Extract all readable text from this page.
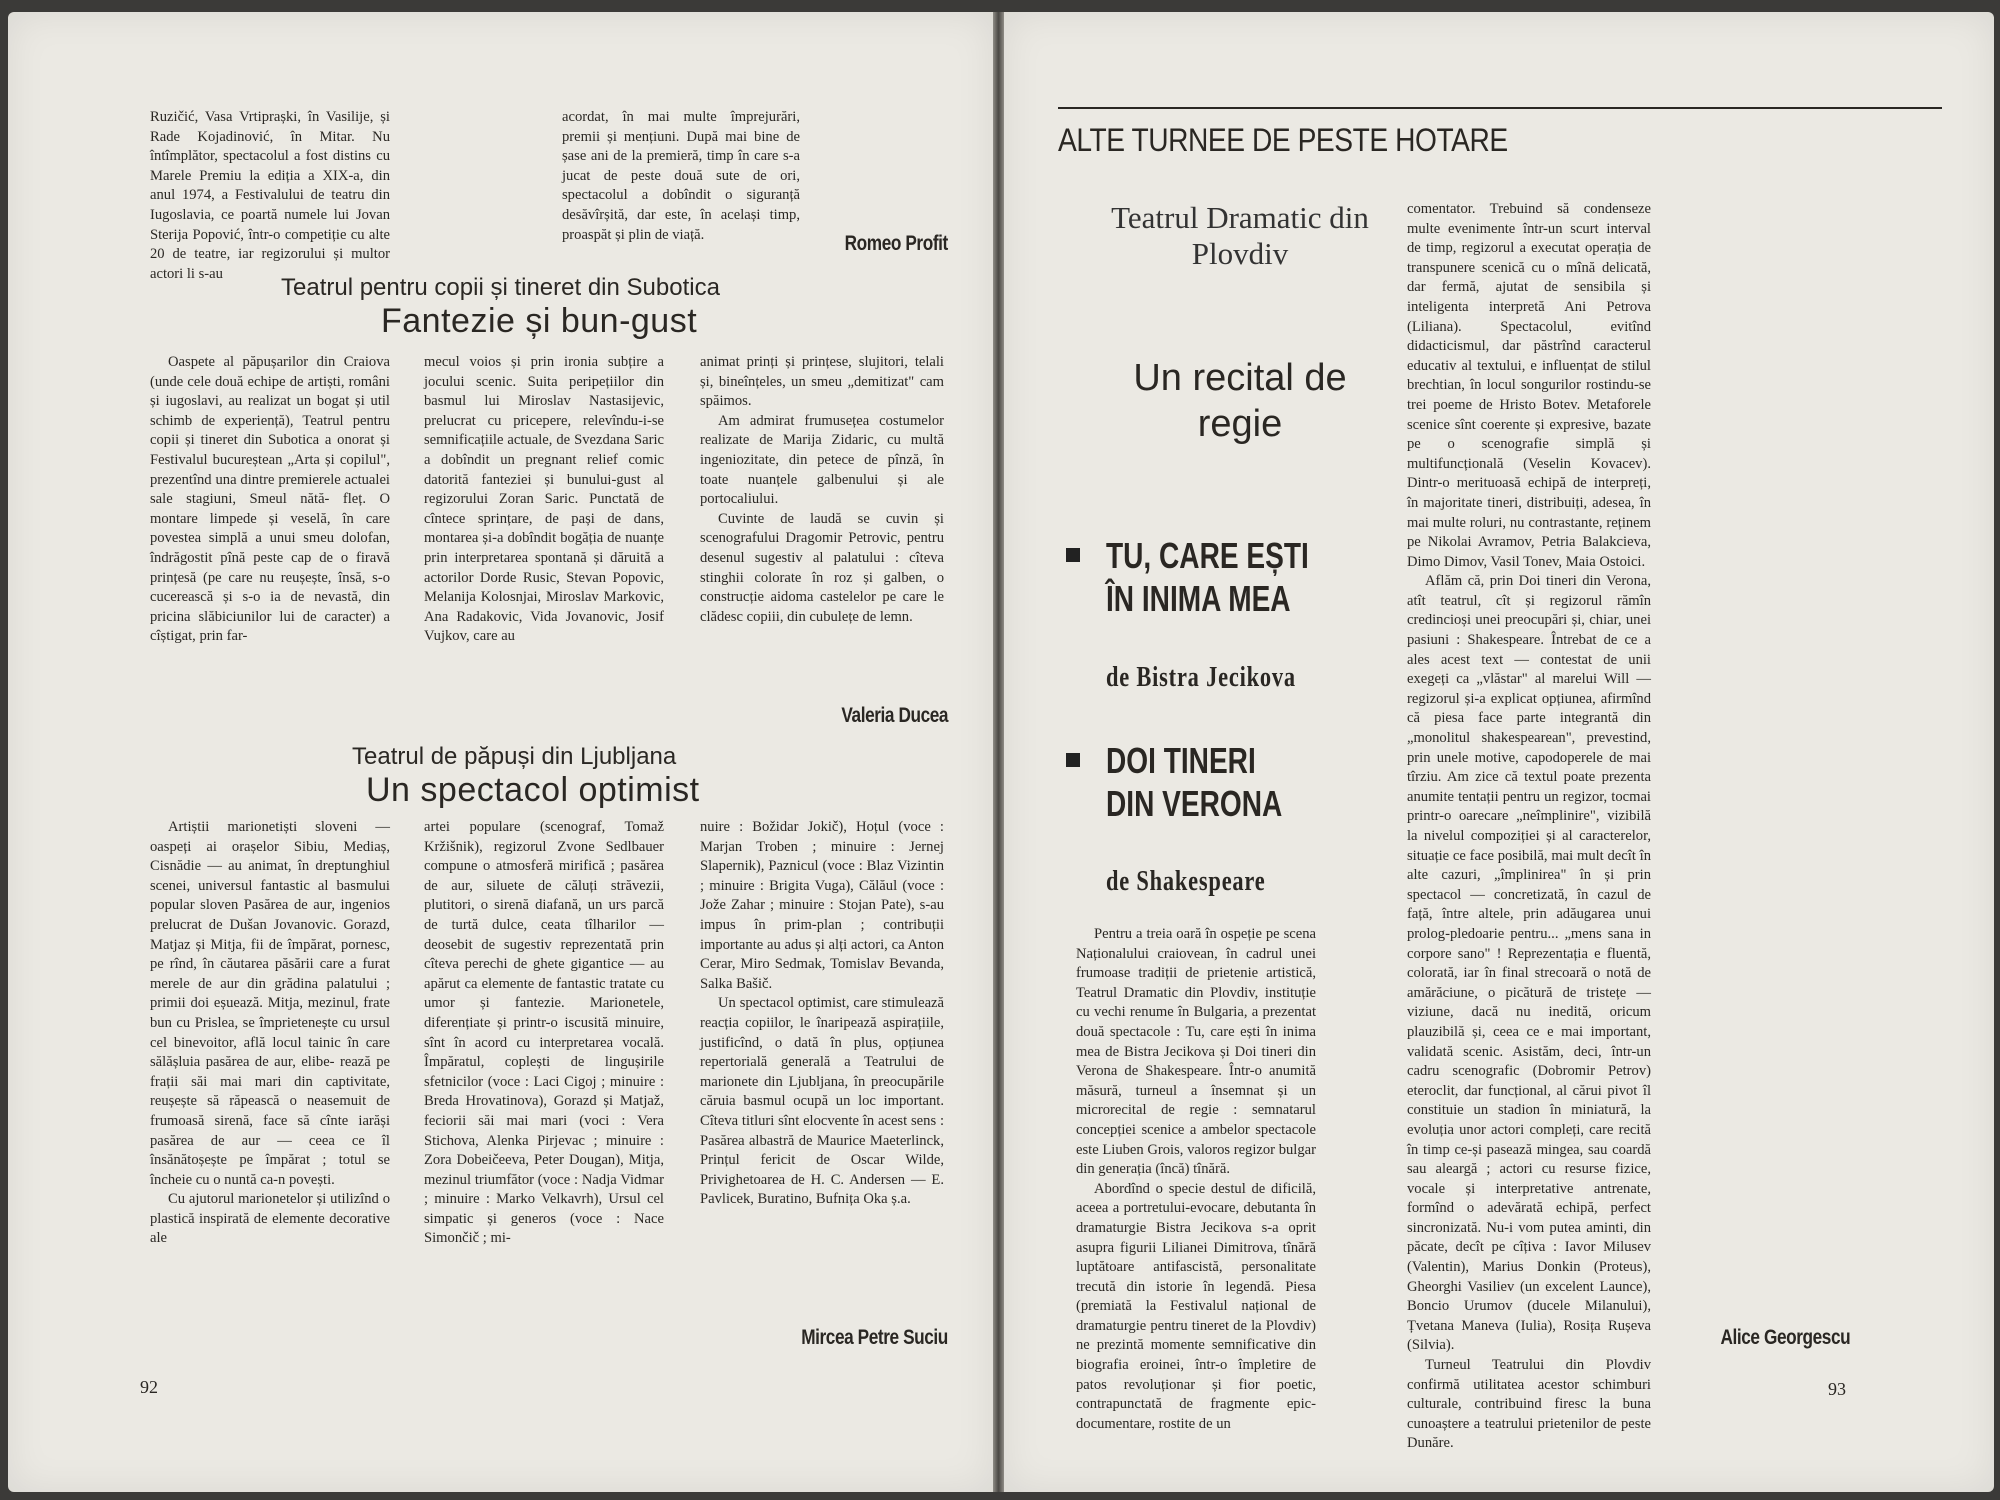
Ruzičić, Vasa Vrtiprașki, în Vasilije, și Rade Kojadinović, în Mitar. Nu întîmplător, spectacolul a fost distins cu Marele Premiu la ediția a XIX-a, din anul 1974, a Festivalului de teatru din Iugoslavia, ce poartă numele lui Jovan Sterija Popović, într-o competiție cu alte 20 de teatre, iar regizorului și multor actori li s-au

acordat, în mai multe împrejurări, premii și mențiuni. După mai bine de șase ani de la premieră, timp în care s-a jucat de peste două sute de ori, spectacolul a dobîndit o siguranță desăvîrșită, dar este, în același timp, proaspăt și plin de viață.	Romeo Profit
Teatrul pentru copii și tineret din Subotica
Fantezie și bun-gust

Oaspete al păpușarilor din Craiova (unde cele două echipe de artiști, români și iugoslavi, au realizat un bogat și util schimb de experiență), Teatrul pentru copii și tineret din Subotica a onorat și Festivalul bucureștean „Arta și copilul", prezentînd una dintre premierele actualei sale stagiuni, Smeul nătă- fleț. O montare limpede și veselă, în care povestea simplă a unui smeu dolofan, îndrăgostit pînă peste cap de o firavă prințesă (pe care nu reușește, însă, s-o cucerească și s-o ia de nevastă, din pricina slăbiciunilor lui de caracter) a cîștigat, prin far-

mecul voios și prin ironia subțire a jocului scenic. Suita peripețiilor din basmul lui Miroslav Nastasijevic, prelucrat cu pricepere, relevîndu-i-se semnificațiile actuale, de Svezdana Saric a dobîndit un pregnant relief comic datorită fanteziei și bunului-gust al regizorului Zoran Saric. Punctată de cîntece sprințare, de pași de dans, montarea și-a dobîndit bogăția de nuanțe prin interpretarea spontană și dăruită a actorilor Dorde Rusic, Stevan Popovic, Melanija Kolosnjai, Miroslav Markovic, Ana Radakovic, Vida Jovanovic, Josif Vujkov, care au

animat prinți și prințese, slujitori, telali și, bineînțeles, un smeu „demitizat" cam spăimos.

Am admirat frumusețea costumelor realizate de Marija Zidaric, cu multă ingeniozitate, din petece de pînză, în toate nuanțele galbenului și ale portocaliului.

Cuvinte de laudă se cuvin și scenografului Dragomir Petrovic, pentru desenul sugestiv al palatului : cîteva stinghii colorate în roz și galben, o construcție aidoma castelelor pe care le clădesc copiii, din cubulețe de lemn.

Valeria Ducea
Teatrul de păpuși din Ljubljana
Un spectacol optimist

Artiștii marionetiști sloveni — oaspeți ai orașelor Sibiu, Mediaș, Cisnădie — au animat, în dreptunghiul scenei, universul fantastic al basmului popular sloven Pasărea de aur, ingenios prelucrat de Dušan Jovanovic. Gorazd, Matjaz și Mitja, fii de împărat, pornesc, pe rînd, în căutarea păsării care a furat merele de aur din grădina palatului ; primii doi eșuează. Mitja, mezinul, frate bun cu Prislea, se împrietenește cu ursul cel binevoitor, află locul tainic în care sălășluia pasărea de aur, elibe- rează pe frații săi mai mari din captivitate, reușește să răpească o neasemuit de frumoasă sirenă, face să cînte iarăși pasărea de aur — ceea ce îl însănătoșește pe împărat ; totul se încheie cu o nuntă ca-n povești.

Cu ajutorul marionetelor și utilizînd o plastică inspirată de elemente decorative ale

artei populare (scenograf, Tomaž Kržišnik), regizorul Zvone Sedlbauer compune o atmosferă mirifică ; pasărea de aur, siluete de căluți străvezii, plutitori, o sirenă diafană, un urs parcă de turtă dulce, ceata tîlharilor — deosebit de sugestiv reprezentată prin cîteva perechi de ghete gigantice — au apărut ca elemente de fantastic tratate cu umor și fantezie. Marionetele, diferențiate și printr-o iscusită minuire, sînt în acord cu interpretarea vocală. Împăratul, coplești de lingușirile sfetnicilor (voce : Laci Cigoj ; minuire : Breda Hrovatinova), Gorazd și Matjaž, feciorii săi mai mari (voci : Vera Stichova, Alenka Pirjevac ; minuire : Zora Dobeičeeva, Peter Dougan), Mitja, mezinul triumfător (voce : Nadja Vidmar ; minuire : Marko Velkavrh), Ursul cel simpatic și generos (voce : Nace Simončič ; mi-

nuire : Božidar Jokič), Hoțul (voce : Marjan Troben ; minuire : Jernej Slapernik), Paznicul (voce : Blaz Vizintin ; minuire : Brigita Vuga), Călăul (voce : Jože Zahar ; minuire : Stojan Pate), s-au impus în prim-plan ; contribuții importante au adus și alți actori, ca Anton Cerar, Miro Sedmak, Tomislav Bevanda, Salka Bašič.

Un spectacol optimist, care stimulează reacția copiilor, le înaripează aspirațiile, justificînd, o dată în plus, opțiunea repertorială generală a Teatrului de marionete din Ljubljana, în preocupările căruia basmul ocupă un loc important. Cîteva titluri sînt elocvente în acest sens : Pasărea albastră de Maurice Maeterlinck, Prințul fericit de Oscar Wilde, Privighetoarea de H. C. Andersen — E. Pavlicek, Buratino, Bufnița Oka ș.a.

Mircea Petre Suciu
92
ALTE TURNEE DE PESTE HOTARE
Teatrul Dramatic din Plovdiv
Un recital de regie
TU, CARE EȘTI
ÎN INIMA MEA
de Bistra Jecikova
DOI TINERI
DIN VERONA
de Shakespeare

Pentru a treia oară în ospeție pe scena Naționalului craiovean, în cadrul unei frumoase tradiții de prietenie artistică, Teatrul Dramatic din Plovdiv, instituție cu vechi renume în Bulgaria, a prezentat două spectacole : Tu, care ești în inima mea de Bistra Jecikova și Doi tineri din Verona de Shakespeare. Într-o anumită măsură, turneul a însemnat și un microrecital de regie : semnatarul concepției scenice a ambelor spectacole este Liuben Grois, valoros regizor bulgar din generația (încă) tînără.

Abordînd o specie destul de dificilă, aceea a portretului-evocare, debutanta în dramaturgie Bistra Jecikova s-a oprit asupra figurii Lilianei Dimitrova, tînără luptătoare antifascistă, personalitate trecută din istorie în legendă. Piesa (premiată la Festivalul național de dramaturgie pentru tineret de la Plovdiv) ne prezintă momente semnificative din biografia eroinei, într-o împletire de patos revoluționar și fior poetic, contrapunctată de fragmente epic-documentare, rostite de un

comentator. Trebuind să condenseze multe evenimente într-un scurt interval de timp, regizorul a executat operația de transpunere scenică cu o mînă delicată, dar fermă, ajutat de sensibila și inteligenta interpretă Ani Petrova (Liliana). Spectacolul, evitînd didacticismul, dar păstrînd caracterul educativ al textului, e influențat de stilul brechtian, în locul songurilor rostindu-se trei poeme de Hristo Botev. Metaforele scenice sînt coerente și expresive, bazate pe o scenografie simplă și multifuncțională (Veselin Kovacev). Dintr-o merituoasă echipă de interpreți, în majoritate tineri, distribuiți, adesea, în mai multe roluri, nu contrastante, reținem pe Nikolai Avramov, Petria Balakcieva, Dimo Dimov, Vasil Tonev, Maia Ostoici.

Aflăm că, prin Doi tineri din Verona, atît teatrul, cît și regizorul rămîn credincioși unei preocupări și, chiar, unei pasiuni : Shakespeare. Întrebat de ce a ales acest text — contestat de unii exegeți ca „vlăstar" al marelui Will — regizorul și-a explicat opțiunea, afirmînd că piesa face parte integrantă din „monolitul shakespearean", prevestind, prin unele motive, capodoperele de mai tîrziu. Am zice că textul poate prezenta anumite tentații pentru un regizor, tocmai printr-o oarecare „neîmplinire", vizibilă la nivelul compoziției și al caracterelor, situație ce face posibilă, mai mult decît în alte cazuri, „împlinirea" în și prin spectacol — concretizată, în cazul de față, între altele, prin adăugarea unui prolog-pledoarie pentru... „mens sana in corpore sano" ! Reprezentația e fluentă, colorată, iar în final strecoară o notă de amărăciune, o picătură de tristețe — viziune, dacă nu inedită, oricum plauzibilă și, ceea ce e mai important, validată scenic. Asistăm, deci, într-un cadru scenografic (Dobromir Petrov) eteroclit, dar funcțional, al cărui pivot îl constituie un stadion în miniatură, la evoluția unor actori compleți, care recită în timp ce-și pasează mingea, sau coardă sau aleargă ; actori cu resurse fizice, vocale și interpretative antrenate, formînd o adevărată echipă, perfect sincronizată. Nu-i vom putea aminti, din păcate, decît pe cîțiva : Iavor Milusev (Valentin), Marius Donkin (Proteus), Gheorghi Vasiliev (un excelent Launce), Boncio Urumov (ducele Milanului), Țvetana Maneva (Iulia), Rosița Rușeva (Silvia).

Turneul Teatrului din Plovdiv confirmă utilitatea acestor schimburi culturale, contribuind firesc la buna cunoaștere a teatrului prietenilor de peste Dunăre.

Alice Georgescu
93
